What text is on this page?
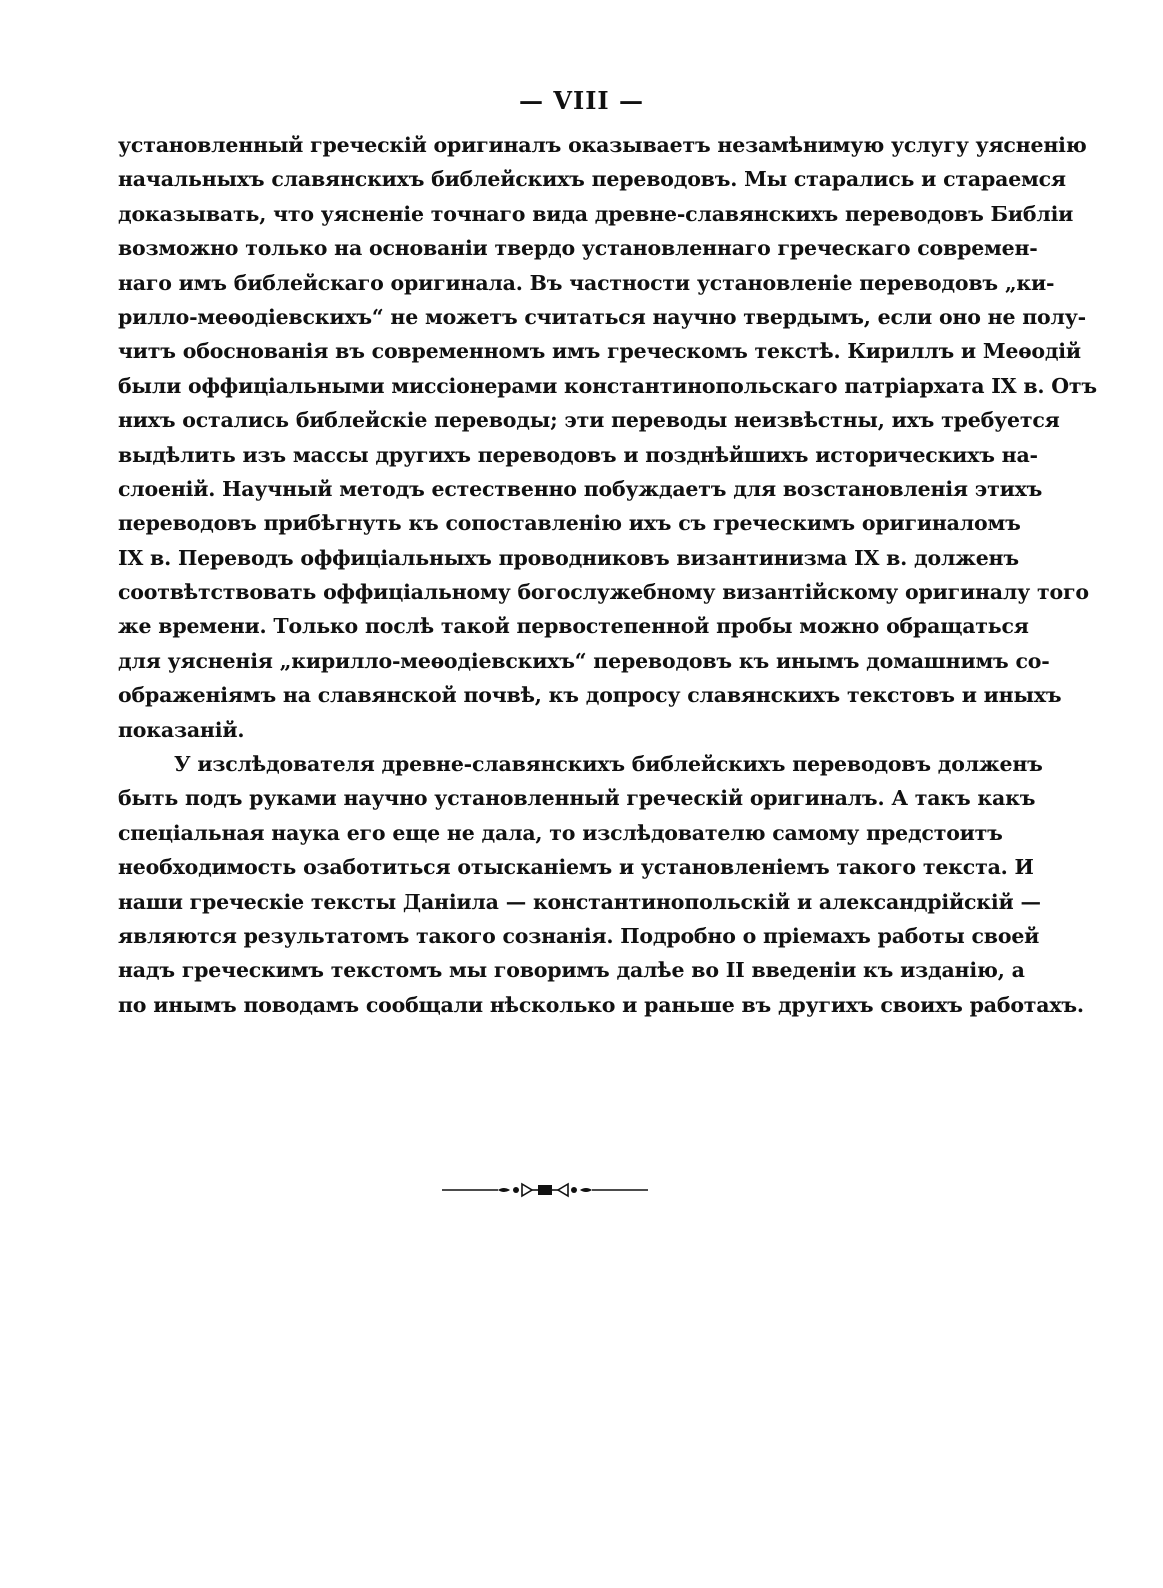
— VIII —
установленный греческій оригиналъ оказываетъ незамѣнимую услугу уясненію
начальныхъ славянскихъ библейскихъ переводовъ. Мы старались и стараемся
доказывать, что уясненіе точнаго вида древне-славянскихъ переводовъ Библіи
возможно только на основаніи твердо установленнаго греческаго современ-
наго имъ библейскаго оригинала. Въ частности установленіе переводовъ „ки-
рилло-меѳодіевскихъ“ не можетъ считаться научно твердымъ, если оно не полу-
читъ обоснованія въ современномъ имъ греческомъ текстѣ. Кириллъ и Меѳодій
были оффиціальными миссіонерами константинопольскаго патріархата IX в. Отъ
нихъ остались библейскіе переводы; эти переводы неизвѣстны, ихъ требуется
выдѣлить изъ массы другихъ переводовъ и позднѣйшихъ историческихъ на-
слоеній. Научный методъ естественно побуждаетъ для возстановленія этихъ
переводовъ прибѣгнуть къ сопоставленію ихъ съ греческимъ оригиналомъ
IX в. Переводъ оффиціальныхъ проводниковъ византинизма IX в. долженъ
соотвѣтствовать оффиціальному богослужебному византійскому оригиналу того
же времени. Только послѣ такой первостепенной пробы можно обращаться
для уясненія „кирилло-меѳодіевскихъ“ переводовъ къ инымъ домашнимъ со-
ображеніямъ на славянской почвѣ, къ допросу славянскихъ текстовъ и иныхъ
показаній.
У изслѣдователя древне-славянскихъ библейскихъ переводовъ долженъ
быть подъ руками научно установленный греческій оригиналъ. А такъ какъ
спеціальная наука его еще не дала, то изслѣдователю самому предстоитъ
необходимость озаботиться отысканіемъ и установленіемъ такого текста. И
наши греческіе тексты Даніила — константинопольскій и александрійскій —
являются результатомъ такого сознанія. Подробно о пріемахъ работы своей
надъ греческимъ текстомъ мы говоримъ далѣе во II введеніи къ изданію, а
по инымъ поводамъ сообщали нѣсколько и раньше въ другихъ своихъ работахъ.
